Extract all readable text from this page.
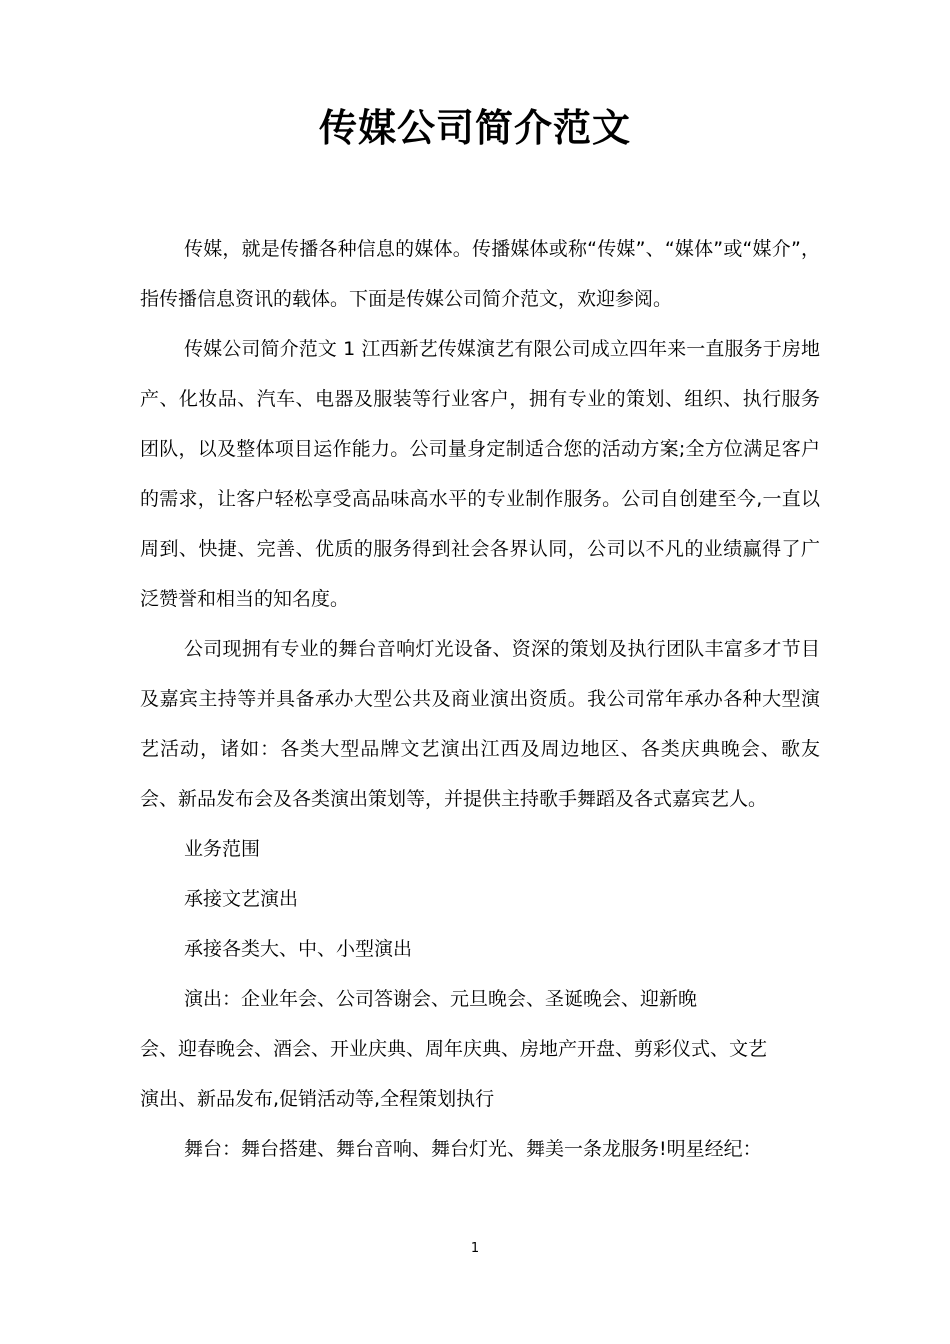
传媒公司简介范文

传媒，就是传播各种信息的媒体。传播媒体或称“传媒”、“媒体”或“媒介”，指传播信息资讯的载体。下面是传媒公司简介范文，欢迎参阅。

传媒公司简介范文 1 江西新艺传媒演艺有限公司成立四年来一直服务于房地产、化妆品、汽车、电器及服装等行业客户，拥有专业的策划、组织、执行服务团队，以及整体项目运作能力。公司量身定制适合您的活动方案;全方位满足客户的需求，让客户轻松享受高品味高水平的专业制作服务。公司自创建至今,一直以周到、快捷、完善、优质的服务得到社会各界认同，公司以不凡的业绩赢得了广泛赞誉和相当的知名度。

公司现拥有专业的舞台音响灯光设备、资深的策划及执行团队丰富多才节目及嘉宾主持等并具备承办大型公共及商业演出资质。我公司常年承办各种大型演艺活动，诸如：各类大型品牌文艺演出江西及周边地区、各类庆典晚会、歌友会、新品发布会及各类演出策划等，并提供主持歌手舞蹈及各式嘉宾艺人。

业务范围

承接文艺演出

承接各类大、中、小型演出

演出：企业年会、公司答谢会、元旦晚会、圣诞晚会、迎新晚

会、迎春晚会、酒会、开业庆典、周年庆典、房地产开盘、剪彩仪式、文艺

演出、新品发布,促销活动等,全程策划执行

舞台：舞台搭建、舞台音响、舞台灯光、舞美一条龙服务!明星经纪：

1
